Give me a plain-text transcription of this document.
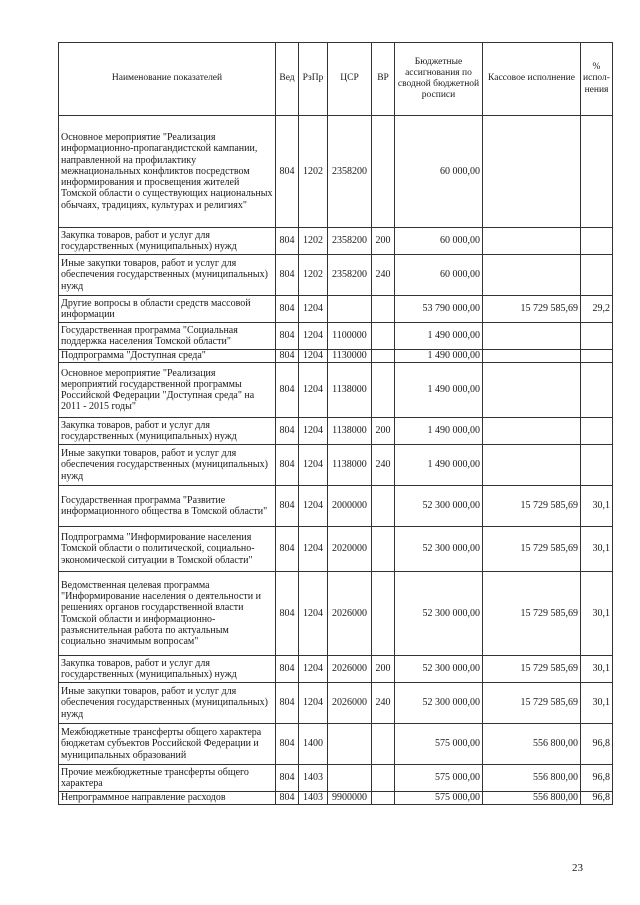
Наименование показателей	Вед	РзПр	ЦСР	ВР	Бюджетные ассигнования по сводной бюджетной росписи	Кассовое исполнение	% испол-нения
Основное мероприятие "Реализация информационно-пропагандистской кампании, направленной на профилактику межнациональных конфликтов посредством информирования и просвещения жителей Томской области о существующих национальных обычаях, традициях, культурах и религиях"	804	1202	2358200		60 000,00		
Закупка товаров, работ и услуг для государственных (муниципальных) нужд	804	1202	2358200	200	60 000,00		
Иные закупки товаров, работ и услуг для обеспечения государственных (муниципальных) нужд	804	1202	2358200	240	60 000,00		
Другие вопросы в области средств массовой информации	804	1204			53 790 000,00	15 729 585,69	29,2
Государственная программа "Социальная поддержка населения Томской области"	804	1204	1100000		1 490 000,00		
Подпрограмма "Доступная среда"	804	1204	1130000		1 490 000,00		
Основное мероприятие "Реализация мероприятий государственной программы Российской Федерации "Доступная среда" на 2011 - 2015 годы"	804	1204	1138000		1 490 000,00		
Закупка товаров, работ и услуг для государственных (муниципальных) нужд	804	1204	1138000	200	1 490 000,00		
Иные закупки товаров, работ и услуг для обеспечения государственных (муниципальных) нужд	804	1204	1138000	240	1 490 000,00		
Государственная программа "Развитие информационного общества в Томской области"	804	1204	2000000		52 300 000,00	15 729 585,69	30,1
Подпрограмма "Информирование населения Томской области о политической, социально-экономической ситуации в Томской области"	804	1204	2020000		52 300 000,00	15 729 585,69	30,1
Ведомственная целевая программа "Информирование населения о деятельности и решениях органов государственной власти Томской области и информационно-разъяснительная работа по актуальным социально значимым вопросам"	804	1204	2026000		52 300 000,00	15 729 585,69	30,1
Закупка товаров, работ и услуг для государственных (муниципальных) нужд	804	1204	2026000	200	52 300 000,00	15 729 585,69	30,1
Иные закупки товаров, работ и услуг для обеспечения государственных (муниципальных) нужд	804	1204	2026000	240	52 300 000,00	15 729 585,69	30,1
Межбюджетные трансферты общего характера бюджетам субъектов Российской Федерации и муниципальных образований	804	1400			575 000,00	556 800,00	96,8
Прочие межбюджетные трансферты общего характера	804	1403			575 000,00	556 800,00	96,8
Непрограммное направление расходов	804	1403	9900000		575 000,00	556 800,00	96,8
23
